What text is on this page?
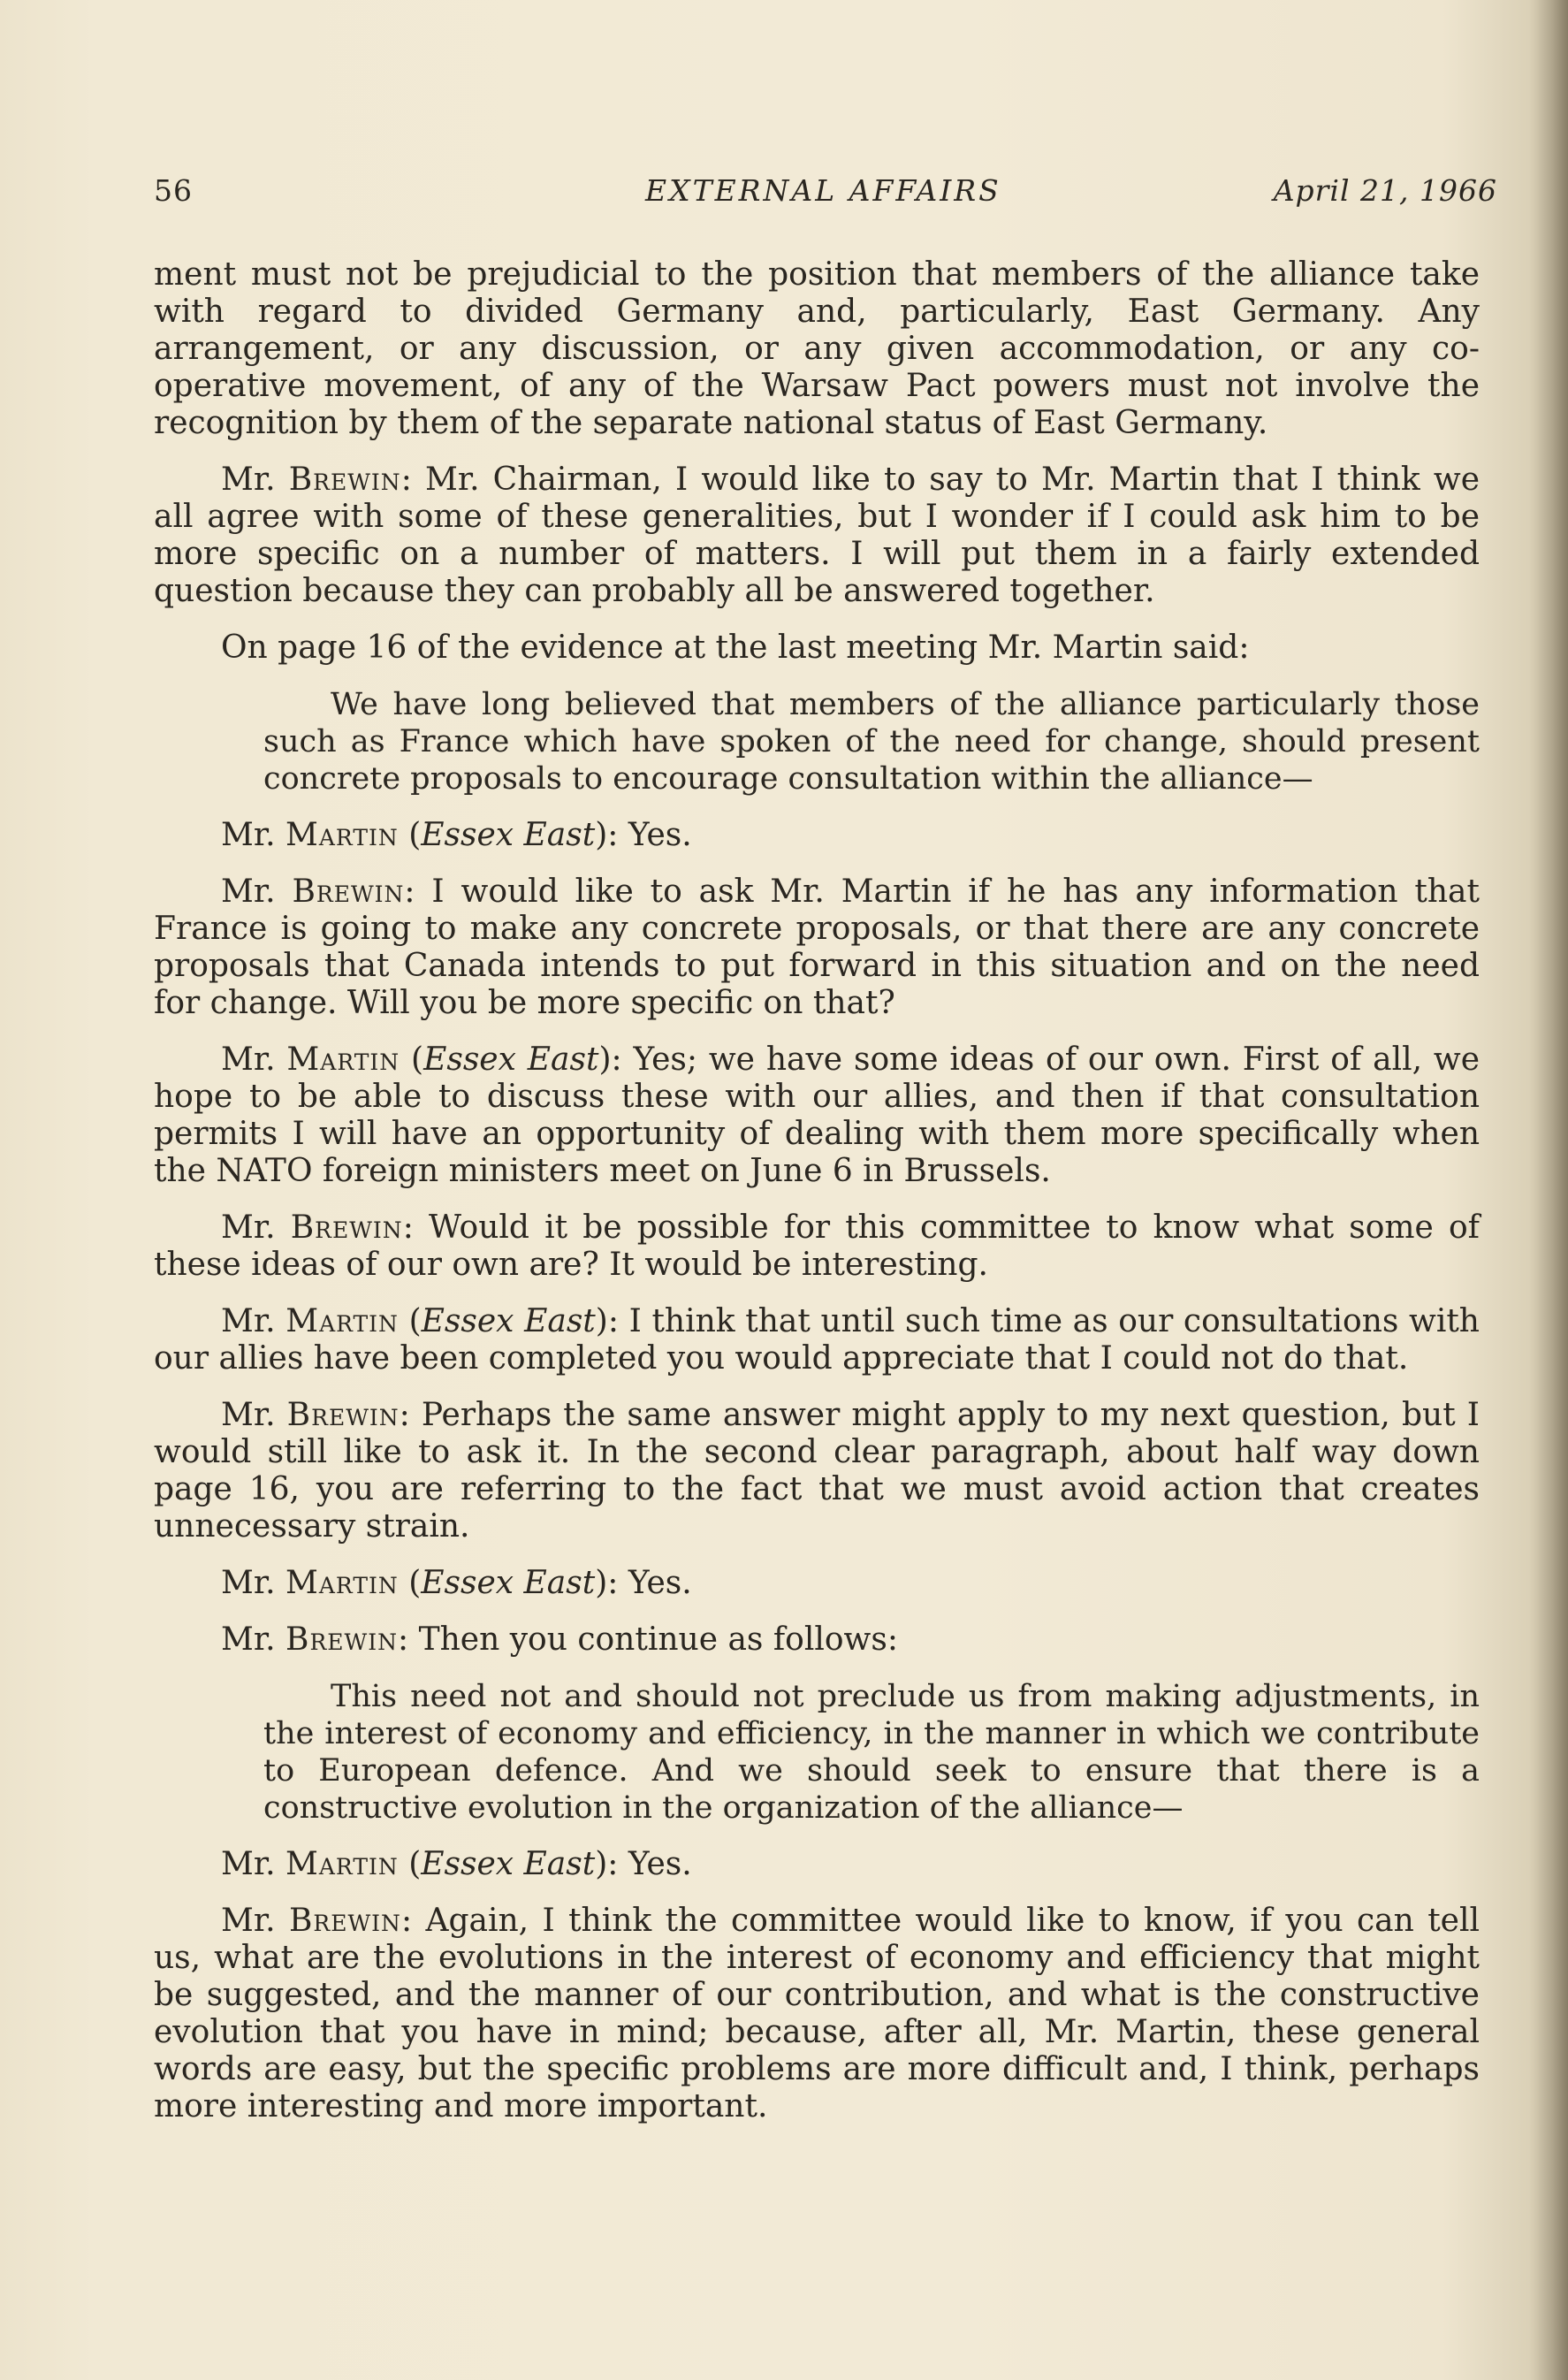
56	EXTERNAL AFFAIRS	April 21, 1966

ment must not be prejudicial to the position that members of the alliance take with regard to divided Germany and, particularly, East Germany. Any arrangement, or any discussion, or any given accommodation, or any co-operative movement, of any of the Warsaw Pact powers must not involve the recognition by them of the separate national status of East Germany.

Mr. Brewin: Mr. Chairman, I would like to say to Mr. Martin that I think we all agree with some of these generalities, but I wonder if I could ask him to be more specific on a number of matters. I will put them in a fairly extended question because they can probably all be answered together.

On page 16 of the evidence at the last meeting Mr. Martin said:

We have long believed that members of the alliance particularly those such as France which have spoken of the need for change, should present concrete proposals to encourage consultation within the alliance—

Mr. Martin (Essex East): Yes.

Mr. Brewin: I would like to ask Mr. Martin if he has any information that France is going to make any concrete proposals, or that there are any concrete proposals that Canada intends to put forward in this situation and on the need for change. Will you be more specific on that?

Mr. Martin (Essex East): Yes; we have some ideas of our own. First of all, we hope to be able to discuss these with our allies, and then if that consultation permits I will have an opportunity of dealing with them more specifically when the NATO foreign ministers meet on June 6 in Brussels.

Mr. Brewin: Would it be possible for this committee to know what some of these ideas of our own are? It would be interesting.

Mr. Martin (Essex East): I think that until such time as our consultations with our allies have been completed you would appreciate that I could not do that.

Mr. Brewin: Perhaps the same answer might apply to my next question, but I would still like to ask it. In the second clear paragraph, about half way down page 16, you are referring to the fact that we must avoid action that creates unnecessary strain.

Mr. Martin (Essex East): Yes.

Mr. Brewin: Then you continue as follows:

This need not and should not preclude us from making adjustments, in the interest of economy and efficiency, in the manner in which we contribute to European defence. And we should seek to ensure that there is a constructive evolution in the organization of the alliance—

Mr. Martin (Essex East): Yes.

Mr. Brewin: Again, I think the committee would like to know, if you can tell us, what are the evolutions in the interest of economy and efficiency that might be suggested, and the manner of our contribution, and what is the constructive evolution that you have in mind; because, after all, Mr. Martin, these general words are easy, but the specific problems are more difficult and, I think, perhaps more interesting and more important.
